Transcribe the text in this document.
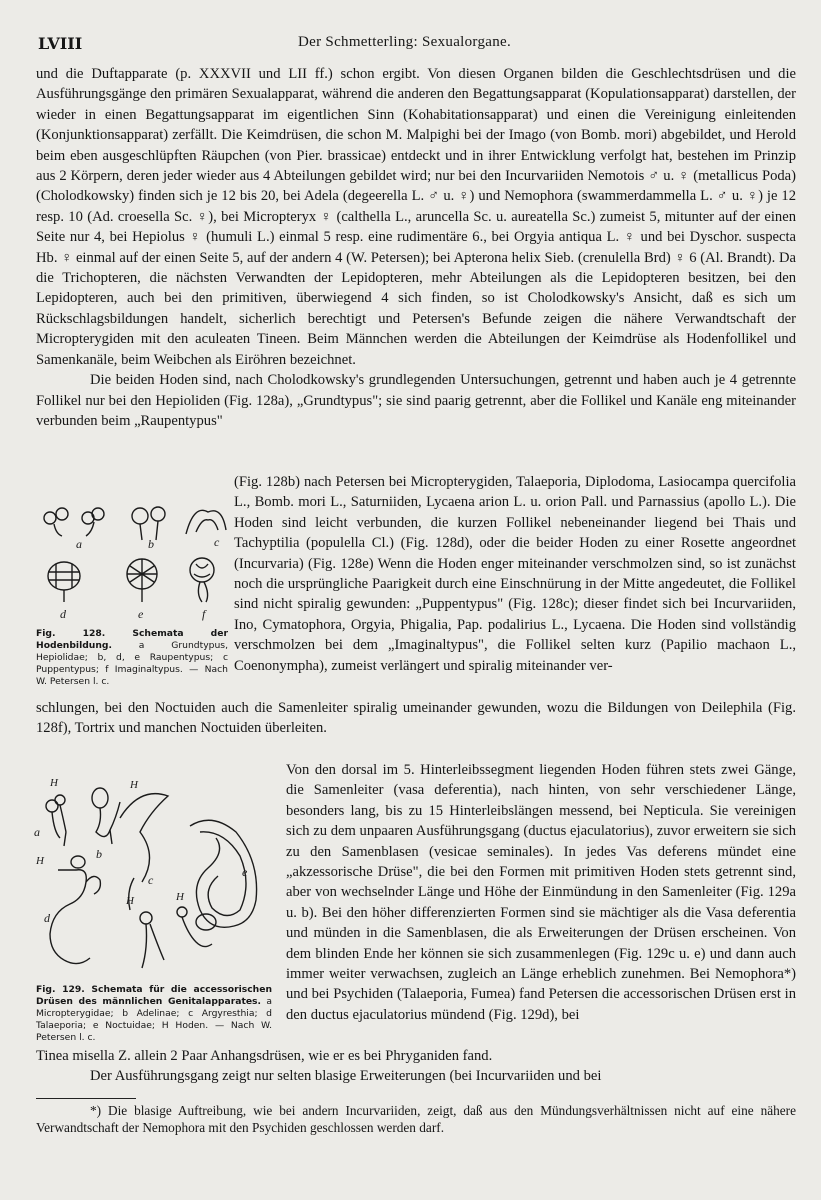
LVIII	Der Schmetterling: Sexualorgane.

und die Duftapparate (p. XXXVII und LII ff.) schon ergibt. Von diesen Organen bilden die Geschlechtsdrüsen und die Ausführungsgänge den primären Sexualapparat, während die anderen den Begattungsapparat (Kopulationsapparat) darstellen, der wieder in einen Begattungsapparat im eigentlichen Sinn (Kohabitationsapparat) und einen die Vereinigung einleitenden (Konjunktionsapparat) zerfällt. Die Keimdrüsen, die schon M. Malpighi bei der Imago (von Bomb. mori) abgebildet, und Herold beim eben ausgeschlüpften Räupchen (von Pier. brassicae) entdeckt und in ihrer Entwicklung verfolgt hat, bestehen im Prinzip aus 2 Körpern, deren jeder wieder aus 4 Abteilungen gebildet wird; nur bei den Incurvariiden Nemotois ♂ u. ♀ (metallicus Poda) (Cholodkowsky) finden sich je 12 bis 20, bei Adela (degeerella L. ♂ u. ♀) und Nemophora (swammerdammella L. ♂ u. ♀) je 12 resp. 10 (Ad. croesella Sc. ♀), bei Micropteryx ♀ (calthella L., aruncella Sc. u. aureatella Sc.) zumeist 5, mitunter auf der einen Seite nur 4, bei Hepiolus ♀ (humuli L.) einmal 5 resp. eine rudimentäre 6., bei Orgyia antiqua L. ♀ und bei Dyschor. suspecta Hb. ♀ einmal auf der einen Seite 5, auf der andern 4 (W. Petersen); bei Apterona helix Sieb. (crenulella Brd) ♀ 6 (Al. Brandt). Da die Trichopteren, die nächsten Verwandten der Lepidopteren, mehr Abteilungen als die Lepidopteren besitzen, bei den Lepidopteren, auch bei den primitiven, überwiegend 4 sich finden, so ist Cholodkowsky's Ansicht, daß es sich um Rückschlagsbildungen handelt, sicherlich berechtigt und Petersen's Befunde zeigen die nähere Verwandtschaft der Micropterygiden mit den aculeaten Tineen. Beim Männchen werden die Abteilungen der Keimdrüse als Hodenfollikel und Samenkanäle, beim Weibchen als Eiröhren bezeichnet.

Die beiden Hoden sind, nach Cholodkowsky's grundlegenden Untersuchungen, getrennt und haben auch je 4 getrennte Follikel nur bei den Hepioliden (Fig. 128a), „Grundtypus"; sie sind paarig getrennt, aber die Follikel und Kanäle eng miteinander verbunden beim „Raupentypus"

a	b	c
d	e	f
Fig. 128. Schemata der Hodenbildung.	a Grundtypus, Hepiolidae; b, d, e Raupentypus; c Puppentypus; f Imaginaltypus. — Nach W. Petersen l. c.

(Fig. 128b) nach Petersen bei Micropterygiden, Talaeporia, Diplodoma, Lasiocampa quercifolia L., Bomb. mori L., Saturniiden, Lycaena arion L. u. orion Pall. und Parnassius (apollo L.). Die Hoden sind leicht verbunden, die kurzen Follikel nebeneinander liegend bei Thais und Tachyptilia (populella Cl.) (Fig. 128d), oder die beider Hoden zu einer Rosette angeordnet (Incurvaria) (Fig. 128e) Wenn die Hoden enger miteinander verschmolzen sind, so ist zunächst noch die ursprüngliche Paarigkeit durch eine Einschnürung in der Mitte angedeutet, die Follikel sind nicht spiralig gewunden: „Puppentypus" (Fig. 128c); dieser findet sich bei Incurvariiden, Ino, Cymatophora, Orgyia, Phigalia, Pap. podalirius L., Lycaena. Die Hoden sind vollständig verschmolzen bei dem „Imaginaltypus", die Follikel selten kurz (Papilio machaon L., Coenonympha), zumeist verlängert und spiralig miteinander ver-

schlungen, bei den Noctuiden auch die Samenleiter spiralig umeinander gewunden, wozu die Bildungen von Deilephila (Fig. 128f), Tortrix und manchen Noctuiden überleiten.

H	H
a
b
c
H
d
H	H
e
Fig. 129. Schemata für die accessorischen Drüsen des männlichen Genitalapparates. a Micropterygidae; b Adelinae; c Argyresthia; d Talaeporia; e Noctuidae; H Hoden. — Nach W. Petersen l. c.

Von den dorsal im 5. Hinterleibssegment liegenden Hoden führen stets zwei Gänge, die Samenleiter (vasa deferentia), nach hinten, von sehr verschiedener Länge, besonders lang, bis zu 15 Hinterleibslängen messend, bei Nepticula. Sie vereinigen sich zu dem unpaaren Ausführungsgang (ductus ejaculatorius), zuvor erweitern sie sich zu den Samenblasen (vesicae seminales). In jedes Vas deferens mündet eine „akzessorische Drüse", die bei den Formen mit primitiven Hoden stets getrennt sind, aber von wechselnder Länge und Höhe der Einmündung in den Samenleiter (Fig. 129a u. b). Bei den höher differenzierten Formen sind sie mächtiger als die Vasa deferentia und münden in die Samenblasen, die als Erweiterungen der Drüsen erscheinen. Von dem blinden Ende her können sie sich zusammenlegen (Fig. 129c u. e) und dann auch immer weiter verwachsen, zugleich an Länge erheblich zunehmen. Bei Nemophora*) und bei Psychiden (Talaeporia, Fumea) fand Petersen die accessorischen Drüsen erst in den ductus ejaculatorius mündend (Fig. 129d), bei

Tinea misella Z. allein 2 Paar Anhangsdrüsen, wie er es bei Phryganiden fand.

Der Ausführungsgang zeigt nur selten blasige Erweiterungen (bei Incurvariiden und bei

*) Die blasige Auftreibung, wie bei andern Incurvariiden, zeigt, daß aus den Mündungsverhältnissen nicht auf eine nähere Verwandtschaft der Nemophora mit den Psychiden geschlossen werden darf.
